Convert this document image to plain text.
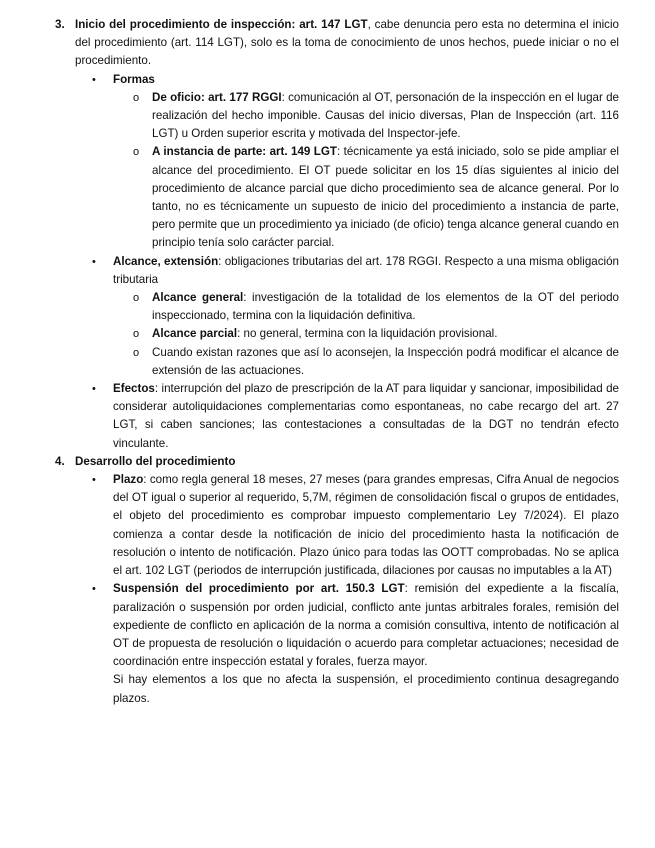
3. Inicio del procedimiento de inspección: art. 147 LGT, cabe denuncia pero esta no determina el inicio del procedimiento (art. 114 LGT), solo es la toma de conocimiento de unos hechos, puede iniciar o no el procedimiento.
• Formas
o De oficio: art. 177 RGGI: comunicación al OT, personación de la inspección en el lugar de realización del hecho imponible. Causas del inicio diversas, Plan de Inspección (art. 116 LGT) u Orden superior escrita y motivada del Inspector-jefe.
o A instancia de parte: art. 149 LGT: técnicamente ya está iniciado, solo se pide ampliar el alcance del procedimiento. El OT puede solicitar en los 15 días siguientes al inicio del procedimiento de alcance parcial que dicho procedimiento sea de alcance general. Por lo tanto, no es técnicamente un supuesto de inicio del procedimiento a instancia de parte, pero permite que un procedimiento ya iniciado (de oficio) tenga alcance general cuando en principio tenía solo carácter parcial.
• Alcance, extensión: obligaciones tributarias del art. 178 RGGI. Respecto a una misma obligación tributaria
o Alcance general: investigación de la totalidad de los elementos de la OT del periodo inspeccionado, termina con la liquidación definitiva.
o Alcance parcial: no general, termina con la liquidación provisional.
o Cuando existan razones que así lo aconsejen, la Inspección podrá modificar el alcance de extensión de las actuaciones.
• Efectos: interrupción del plazo de prescripción de la AT para liquidar y sancionar, imposibilidad de considerar autoliquidaciones complementarias como espontaneas, no cabe recargo del art. 27 LGT, si caben sanciones; las contestaciones a consultadas de la DGT no tendrán efecto vinculante.
4. Desarrollo del procedimiento
• Plazo: como regla general 18 meses, 27 meses (para grandes empresas, Cifra Anual de negocios del OT igual o superior al requerido, 5,7M, régimen de consolidación fiscal o grupos de entidades, el objeto del procedimiento es comprobar impuesto complementario Ley 7/2024). El plazo comienza a contar desde la notificación de inicio del procedimiento hasta la notificación de resolución o intento de notificación. Plazo único para todas las OOTT comprobadas. No se aplica el art. 102 LGT (periodos de interrupción justificada, dilaciones por causas no imputables a la AT)
• Suspensión del procedimiento por art. 150.3 LGT: remisión del expediente a la fiscalía, paralización o suspensión por orden judicial, conflicto ante juntas arbitrales forales, remisión del expediente de conflicto en aplicación de la norma a comisión consultiva, intento de notificación al OT de propuesta de resolución o liquidación o acuerdo para completar actuaciones; necesidad de coordinación entre inspección estatal y forales, fuerza mayor.
Si hay elementos a los que no afecta la suspensión, el procedimiento continua desagregando plazos.
